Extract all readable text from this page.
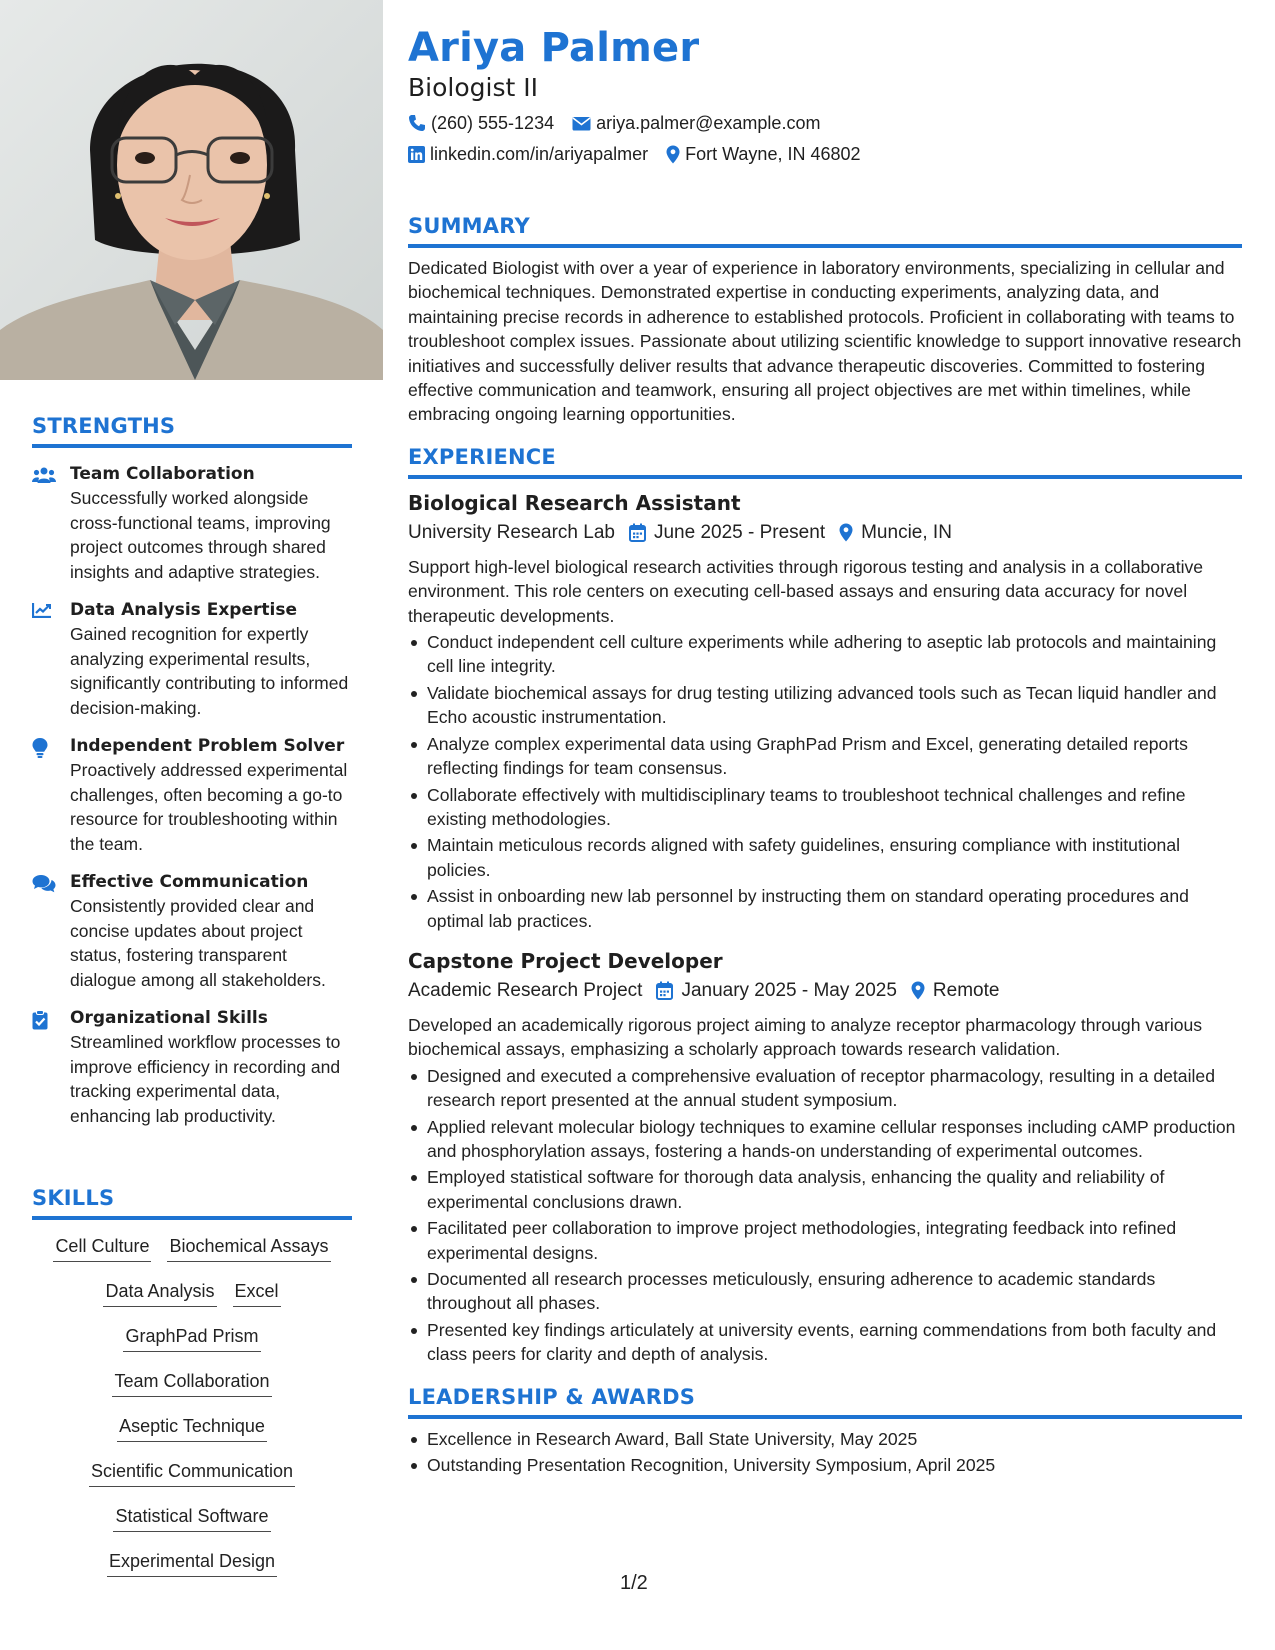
STRENGTHS
Team Collaboration
Successfully worked alongside cross-functional teams, improving project outcomes through shared insights and adaptive strategies.
Data Analysis Expertise
Gained recognition for expertly analyzing experimental results, significantly contributing to informed decision-making.
Independent Problem Solver
Proactively addressed experimental challenges, often becoming a go-to resource for troubleshooting within the team.
Effective Communication
Consistently provided clear and concise updates about project status, fostering transparent dialogue among all stakeholders.
Organizational Skills
Streamlined workflow processes to improve efficiency in recording and tracking experimental data, enhancing lab productivity.
SKILLS
Cell Culture Biochemical Assays
Data Analysis Excel
GraphPad Prism
Team Collaboration
Aseptic Technique
Scientific Communication
Statistical Software
Experimental Design
Ariya Palmer
Biologist II
(260) 555-1234 ariya.palmer@example.com
linkedin.com/in/ariyapalmer Fort Wayne, IN 46802
SUMMARY
Dedicated Biologist with over a year of experience in laboratory environments, specializing in cellular and biochemical techniques. Demonstrated expertise in conducting experiments, analyzing data, and maintaining precise records in adherence to established protocols. Proficient in collaborating with teams to troubleshoot complex issues. Passionate about utilizing scientific knowledge to support innovative research initiatives and successfully deliver results that advance therapeutic discoveries. Committed to fostering effective communication and teamwork, ensuring all project objectives are met within timelines, while embracing ongoing learning opportunities.
EXPERIENCE
Biological Research Assistant
University Research Lab June 2025 - Present Muncie, IN
Support high-level biological research activities through rigorous testing and analysis in a collaborative environment. This role centers on executing cell-based assays and ensuring data accuracy for novel therapeutic developments.
Conduct independent cell culture experiments while adhering to aseptic lab protocols and maintaining cell line integrity.
Validate biochemical assays for drug testing utilizing advanced tools such as Tecan liquid handler and Echo acoustic instrumentation.
Analyze complex experimental data using GraphPad Prism and Excel, generating detailed reports reflecting findings for team consensus.
Collaborate effectively with multidisciplinary teams to troubleshoot technical challenges and refine existing methodologies.
Maintain meticulous records aligned with safety guidelines, ensuring compliance with institutional policies.
Assist in onboarding new lab personnel by instructing them on standard operating procedures and optimal lab practices.
Capstone Project Developer
Academic Research Project January 2025 - May 2025 Remote
Developed an academically rigorous project aiming to analyze receptor pharmacology through various biochemical assays, emphasizing a scholarly approach towards research validation.
Designed and executed a comprehensive evaluation of receptor pharmacology, resulting in a detailed research report presented at the annual student symposium.
Applied relevant molecular biology techniques to examine cellular responses including cAMP production and phosphorylation assays, fostering a hands-on understanding of experimental outcomes.
Employed statistical software for thorough data analysis, enhancing the quality and reliability of experimental conclusions drawn.
Facilitated peer collaboration to improve project methodologies, integrating feedback into refined experimental designs.
Documented all research processes meticulously, ensuring adherence to academic standards throughout all phases.
Presented key findings articulately at university events, earning commendations from both faculty and class peers for clarity and depth of analysis.
LEADERSHIP & AWARDS
Excellence in Research Award, Ball State University, May 2025
Outstanding Presentation Recognition, University Symposium, April 2025
1/2
